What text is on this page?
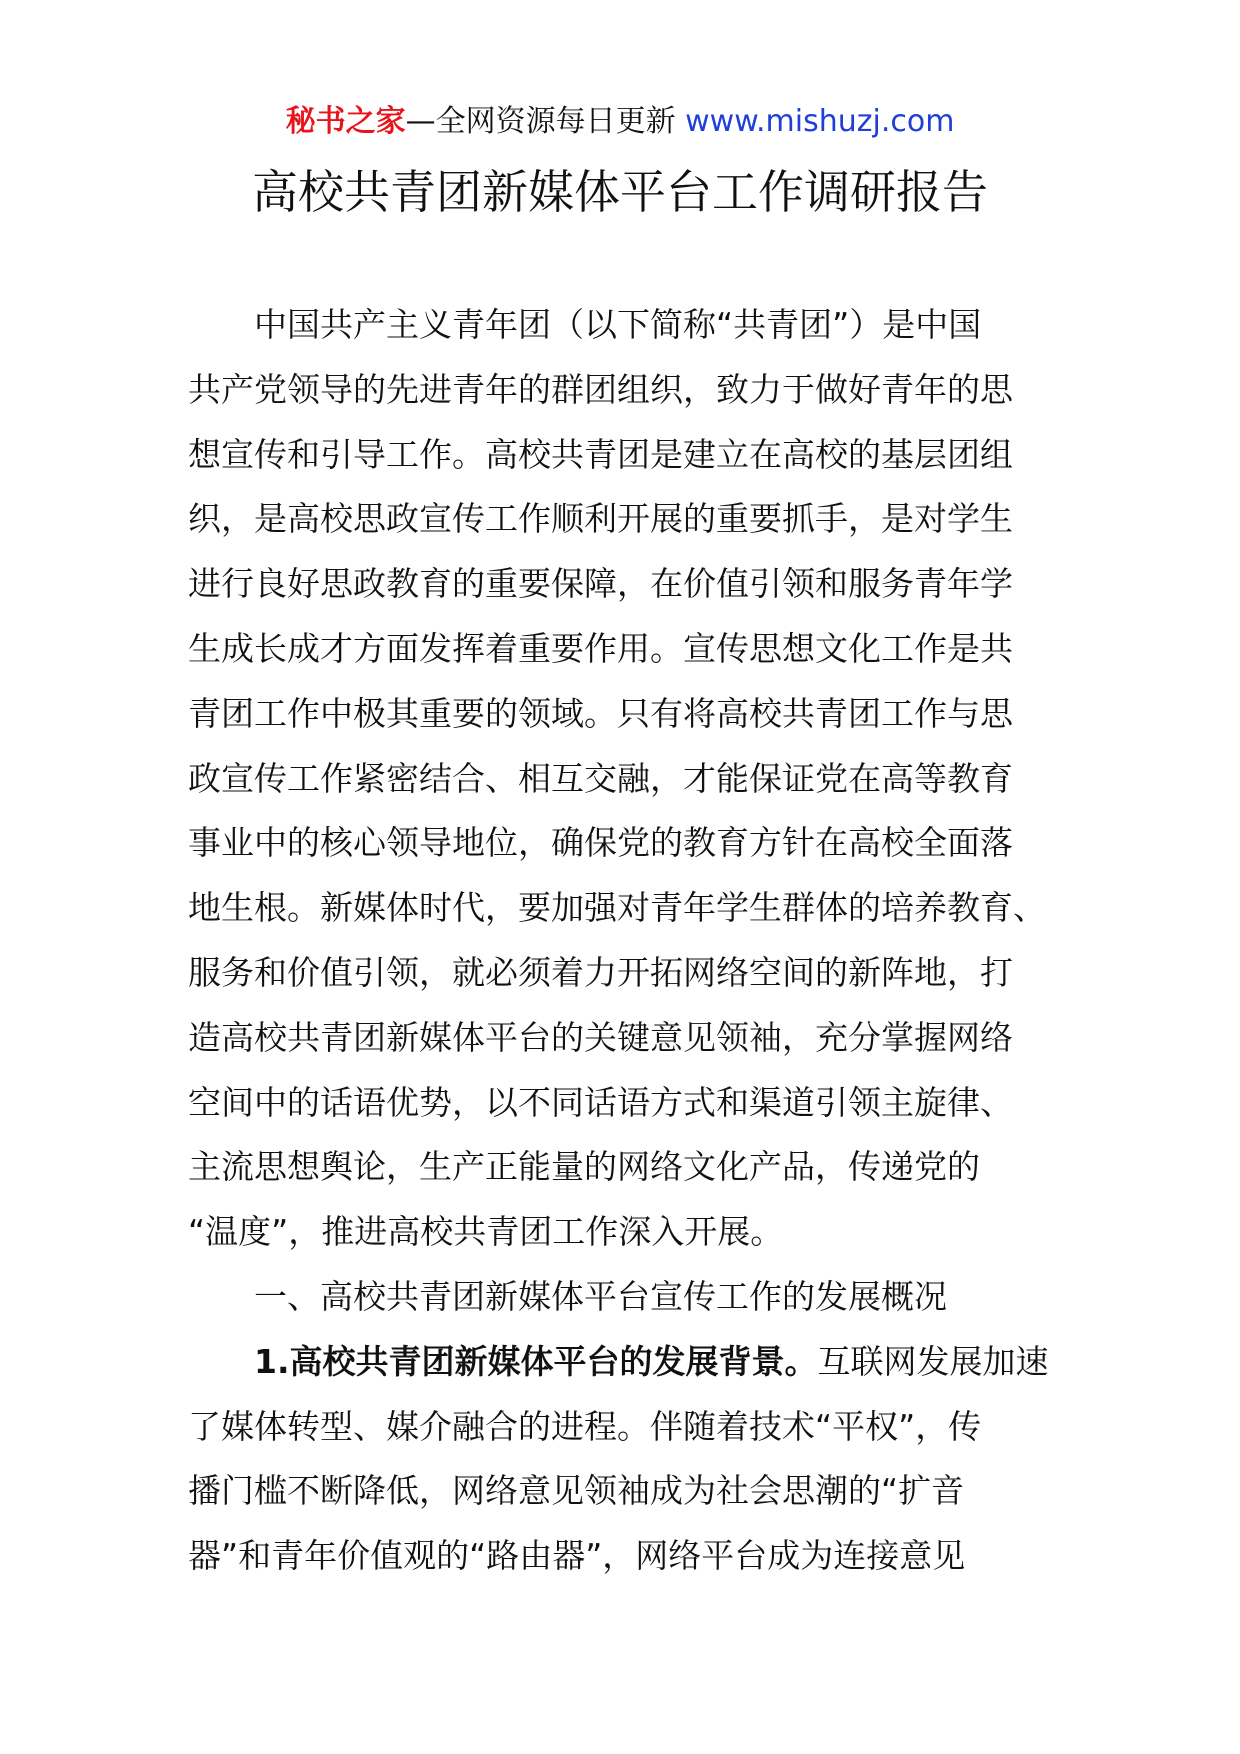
秘书之家—全网资源每日更新 www.mishuzj.com
高校共青团新媒体平台工作调研报告

中国共产主义青年团（以下简称“共青团”）是中国
共产党领导的先进青年的群团组织，致力于做好青年的思
想宣传和引导工作。高校共青团是建立在高校的基层团组
织，是高校思政宣传工作顺利开展的重要抓手，是对学生
进行良好思政教育的重要保障，在价值引领和服务青年学
生成长成才方面发挥着重要作用。宣传思想文化工作是共
青团工作中极其重要的领域。只有将高校共青团工作与思
政宣传工作紧密结合、相互交融，才能保证党在高等教育
事业中的核心领导地位，确保党的教育方针在高校全面落
地生根。新媒体时代，要加强对青年学生群体的培养教育、
服务和价值引领，就必须着力开拓网络空间的新阵地，打
造高校共青团新媒体平台的关键意见领袖，充分掌握网络
空间中的话语优势，以不同话语方式和渠道引领主旋律、
主流思想舆论，生产正能量的网络文化产品，传递党的
“温度”，推进高校共青团工作深入开展。

一、高校共青团新媒体平台宣传工作的发展概况

1.高校共青团新媒体平台的发展背景。互联网发展加速
了媒体转型、媒介融合的进程。伴随着技术“平权”，传
播门槛不断降低，网络意见领袖成为社会思潮的“扩音
器”和青年价值观的“路由器”，网络平台成为连接意见
